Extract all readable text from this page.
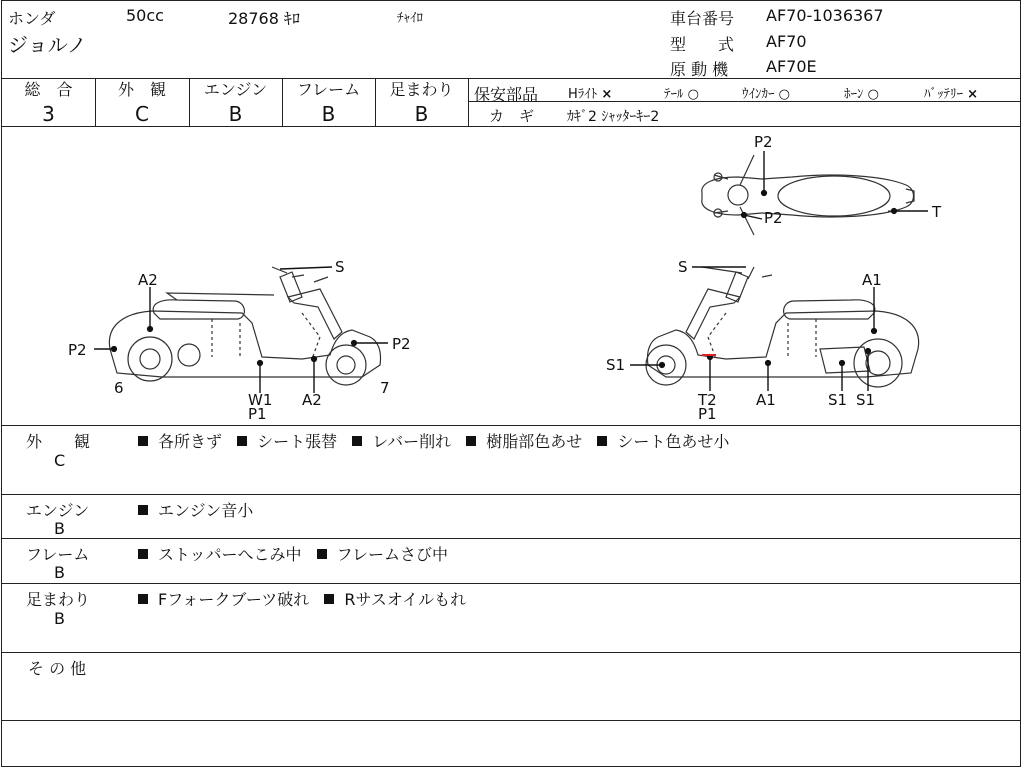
ホンダ	50cc	28768 ｷﾛ	ﾁｬｲﾛ
ジョルノ
車台番号 AF70-1036367
型　　式 AF70
原 動 機 AF70E
総　合
3
外　観
C
エンジン
B
フレーム
B
足まわり
B
保安部品 Hﾗｲﾄ ×	ﾃｰﾙ ○	ｳｲﾝｶｰ ○	ﾎｰﾝ ○	ﾊﾞｯﾃﾘｰ ×
カ　ギ ｶｷﾞ2 ｼｬｯﾀｰｷｰ2
S
A2
P2	P2
6	7
W1
P1
A2
S
A1
S1
T2
P1
A1	S1 S1
P2
P2	T
外　　観
C
各所きず シート張替 レバー削れ 樹脂部色あせ シート色あせ小
エンジン
B
エンジン音小
フレーム
B
ストッパーへこみ中 フレームさび中
足まわり
B
Fフォークブーツ破れ Rサスオイルもれ
そ の 他
